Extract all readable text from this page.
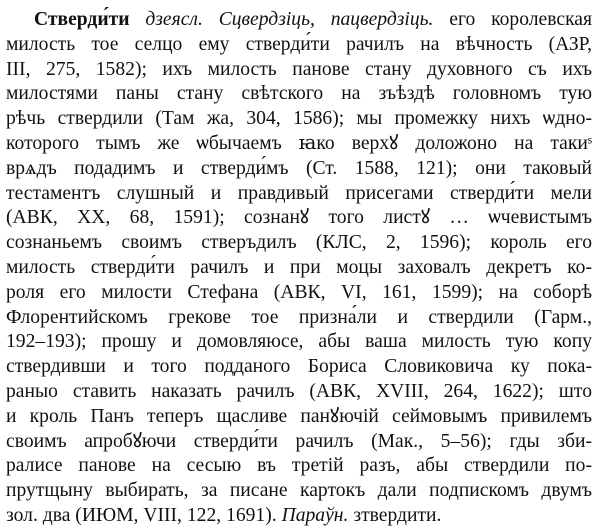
Стверди́ти дзеясл. Сцвердзіць, пацвердзіць. его королевская
милость тое селцо ему стверди́ти рачилъ на вѣчность (АЗР,
III, 275, 1582); ихъ милость панове стану духовного съ ихъ
милостями паны стану свѣтского на зъѣздѣ головномъ тую
рѣчь ствердили (Там жа, 304, 1586); мы промежку нихъ ѡдно-
которого тымъ же ѡбычаемъ ꙗко верхꙋ доложоно на такиˢ
врѧдъ подадимъ и стверди́мъ (Ст. 1588, 121); они таковый
тестаментъ слушный и правдивый присегами стверди́ти мели
(АВК, XX, 68, 1591); сознанꙋ того листꙋ … ѡчевистымъ
сознаньемъ своимъ стверъдилъ (КЛС, 2, 1596); король его
милость стверди́ти рачилъ и при моцы заховалъ декретъ ко-
роля его милости Стефана (АВК, VI, 161, 1599); на соборѣ
Флорентийскомъ грекове тое призна́ли и ствердили (Гарм.,
192–193); прошу и домовляюсе, абы ваша милость тую копу
ствердивши и того подданого Бориса Словиковича ку пока-
раныо ставить наказать рачилъ (АВК, XVIII, 264, 1622); што
и кроль Панъ теперъ щасливе панꙋючій сеймовымъ привилемъ
своимъ апробꙋючи стверди́ти рачилъ (Мак., 5–56); гды зби-
ралисе панове на сесыю въ третій разъ, абы ствердили по-
прутщыну выбирать, за писане картокъ дали подпискомъ двумъ
зол. два (ИЮМ, VIII, 122, 1691). Параўн. зтвердити.
